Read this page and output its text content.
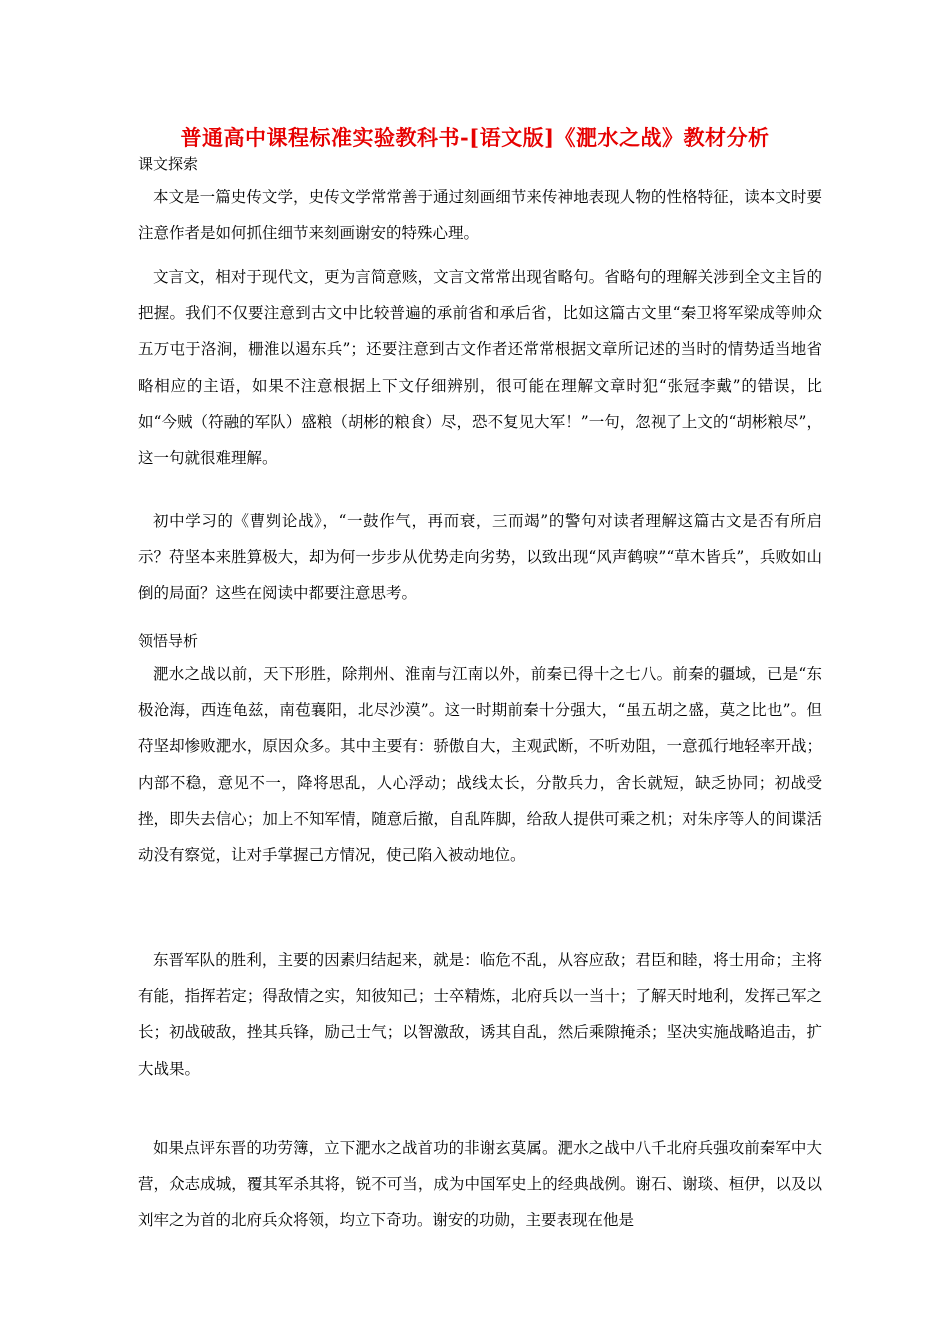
普通高中课程标准实验教科书-[语文版]《淝水之战》教材分析
课文探索

本文是一篇史传文学，史传文学常常善于通过刻画细节来传神地表现人物的性格特征，读本文时要注意作者是如何抓住细节来刻画谢安的特殊心理。

文言文，相对于现代文，更为言简意赅，文言文常常出现省略句。省略句的理解关涉到全文主旨的把握。我们不仅要注意到古文中比较普遍的承前省和承后省，比如这篇古文里“秦卫将军梁成等帅众五万屯于洛涧，栅淮以遏东兵”；还要注意到古文作者还常常根据文章所记述的当时的情势适当地省略相应的主语，如果不注意根据上下文仔细辨别，很可能在理解文章时犯“张冠李戴”的错误，比如“今贼（符融的军队）盛粮（胡彬的粮食）尽，恐不复见大军！”一句，忽视了上文的“胡彬粮尽”，这一句就很难理解。

初中学习的《曹刿论战》，“一鼓作气，再而衰，三而竭”的警句对读者理解这篇古文是否有所启示？苻坚本来胜算极大，却为何一步步从优势走向劣势，以致出现“风声鹤唳”“草木皆兵”，兵败如山倒的局面？这些在阅读中都要注意思考。

领悟导析

淝水之战以前，天下形胜，除荆州、淮南与江南以外，前秦已得十之七八。前秦的疆域，已是“东极沧海，西连龟兹，南苞襄阳，北尽沙漠”。这一时期前秦十分强大，“虽五胡之盛，莫之比也”。但苻坚却惨败淝水，原因众多。其中主要有：骄傲自大，主观武断，不听劝阻，一意孤行地轻率开战；内部不稳，意见不一，降将思乱，人心浮动；战线太长，分散兵力，舍长就短，缺乏协同；初战受挫，即失去信心；加上不知军情，随意后撤，自乱阵脚，给敌人提供可乘之机；对朱序等人的间谍活动没有察觉，让对手掌握己方情况，使己陷入被动地位。

东晋军队的胜利，主要的因素归结起来，就是：临危不乱，从容应敌；君臣和睦，将士用命；主将有能，指挥若定；得敌情之实，知彼知己；士卒精炼，北府兵以一当十；了解天时地利，发挥己军之长；初战破敌，挫其兵锋，励己士气；以智激敌，诱其自乱，然后乘隙掩杀；坚决实施战略追击，扩大战果。

如果点评东晋的功劳簿，立下淝水之战首功的非谢玄莫属。淝水之战中八千北府兵强攻前秦军中大营，众志成城，覆其军杀其将，锐不可当，成为中国军史上的经典战例。谢石、谢琰、桓伊，以及以刘牢之为首的北府兵众将领，均立下奇功。谢安的功勋，主要表现在他是
